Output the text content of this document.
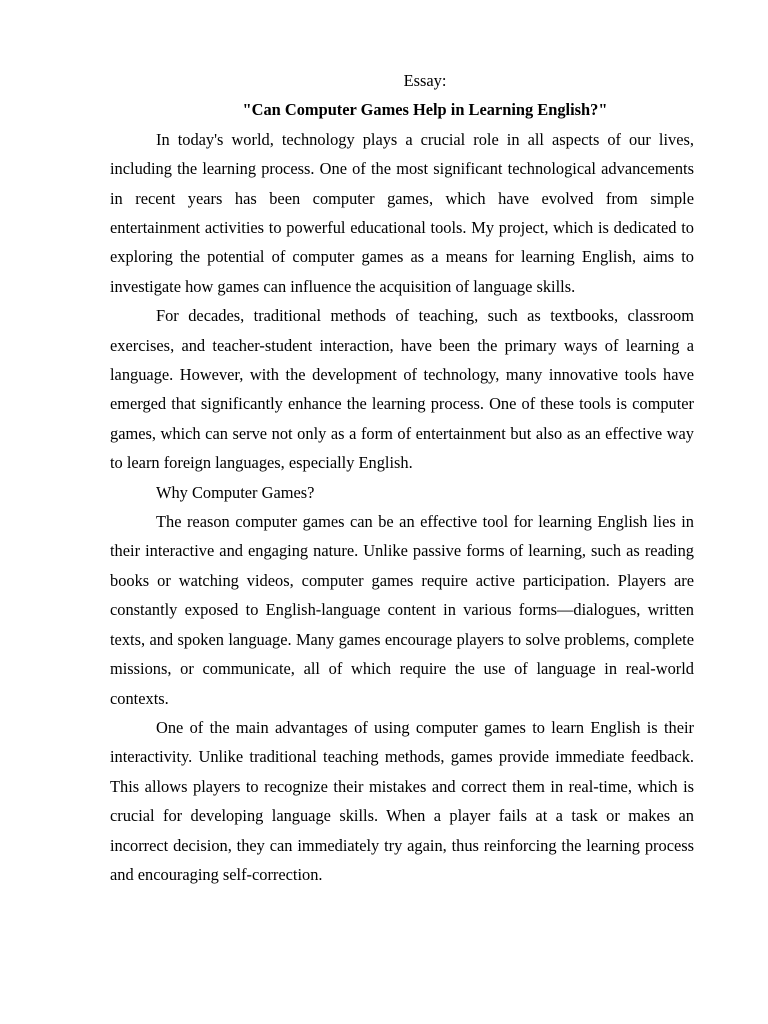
Essay:

"Can Computer Games Help in Learning English?"

In today's world, technology plays a crucial role in all aspects of our lives, including the learning process. One of the most significant technological advancements in recent years has been computer games, which have evolved from simple entertainment activities to powerful educational tools. My project, which is dedicated to exploring the potential of computer games as a means for learning English, aims to investigate how games can influence the acquisition of language skills.

For decades, traditional methods of teaching, such as textbooks, classroom exercises, and teacher-student interaction, have been the primary ways of learning a language. However, with the development of technology, many innovative tools have emerged that significantly enhance the learning process. One of these tools is computer games, which can serve not only as a form of entertainment but also as an effective way to learn foreign languages, especially English.

Why Computer Games?

The reason computer games can be an effective tool for learning English lies in their interactive and engaging nature. Unlike passive forms of learning, such as reading books or watching videos, computer games require active participation. Players are constantly exposed to English-language content in various forms—dialogues, written texts, and spoken language. Many games encourage players to solve problems, complete missions, or communicate, all of which require the use of language in real-world contexts.

One of the main advantages of using computer games to learn English is their interactivity. Unlike traditional teaching methods, games provide immediate feedback. This allows players to recognize their mistakes and correct them in real-time, which is crucial for developing language skills. When a player fails at a task or makes an incorrect decision, they can immediately try again, thus reinforcing the learning process and encouraging self-correction.
